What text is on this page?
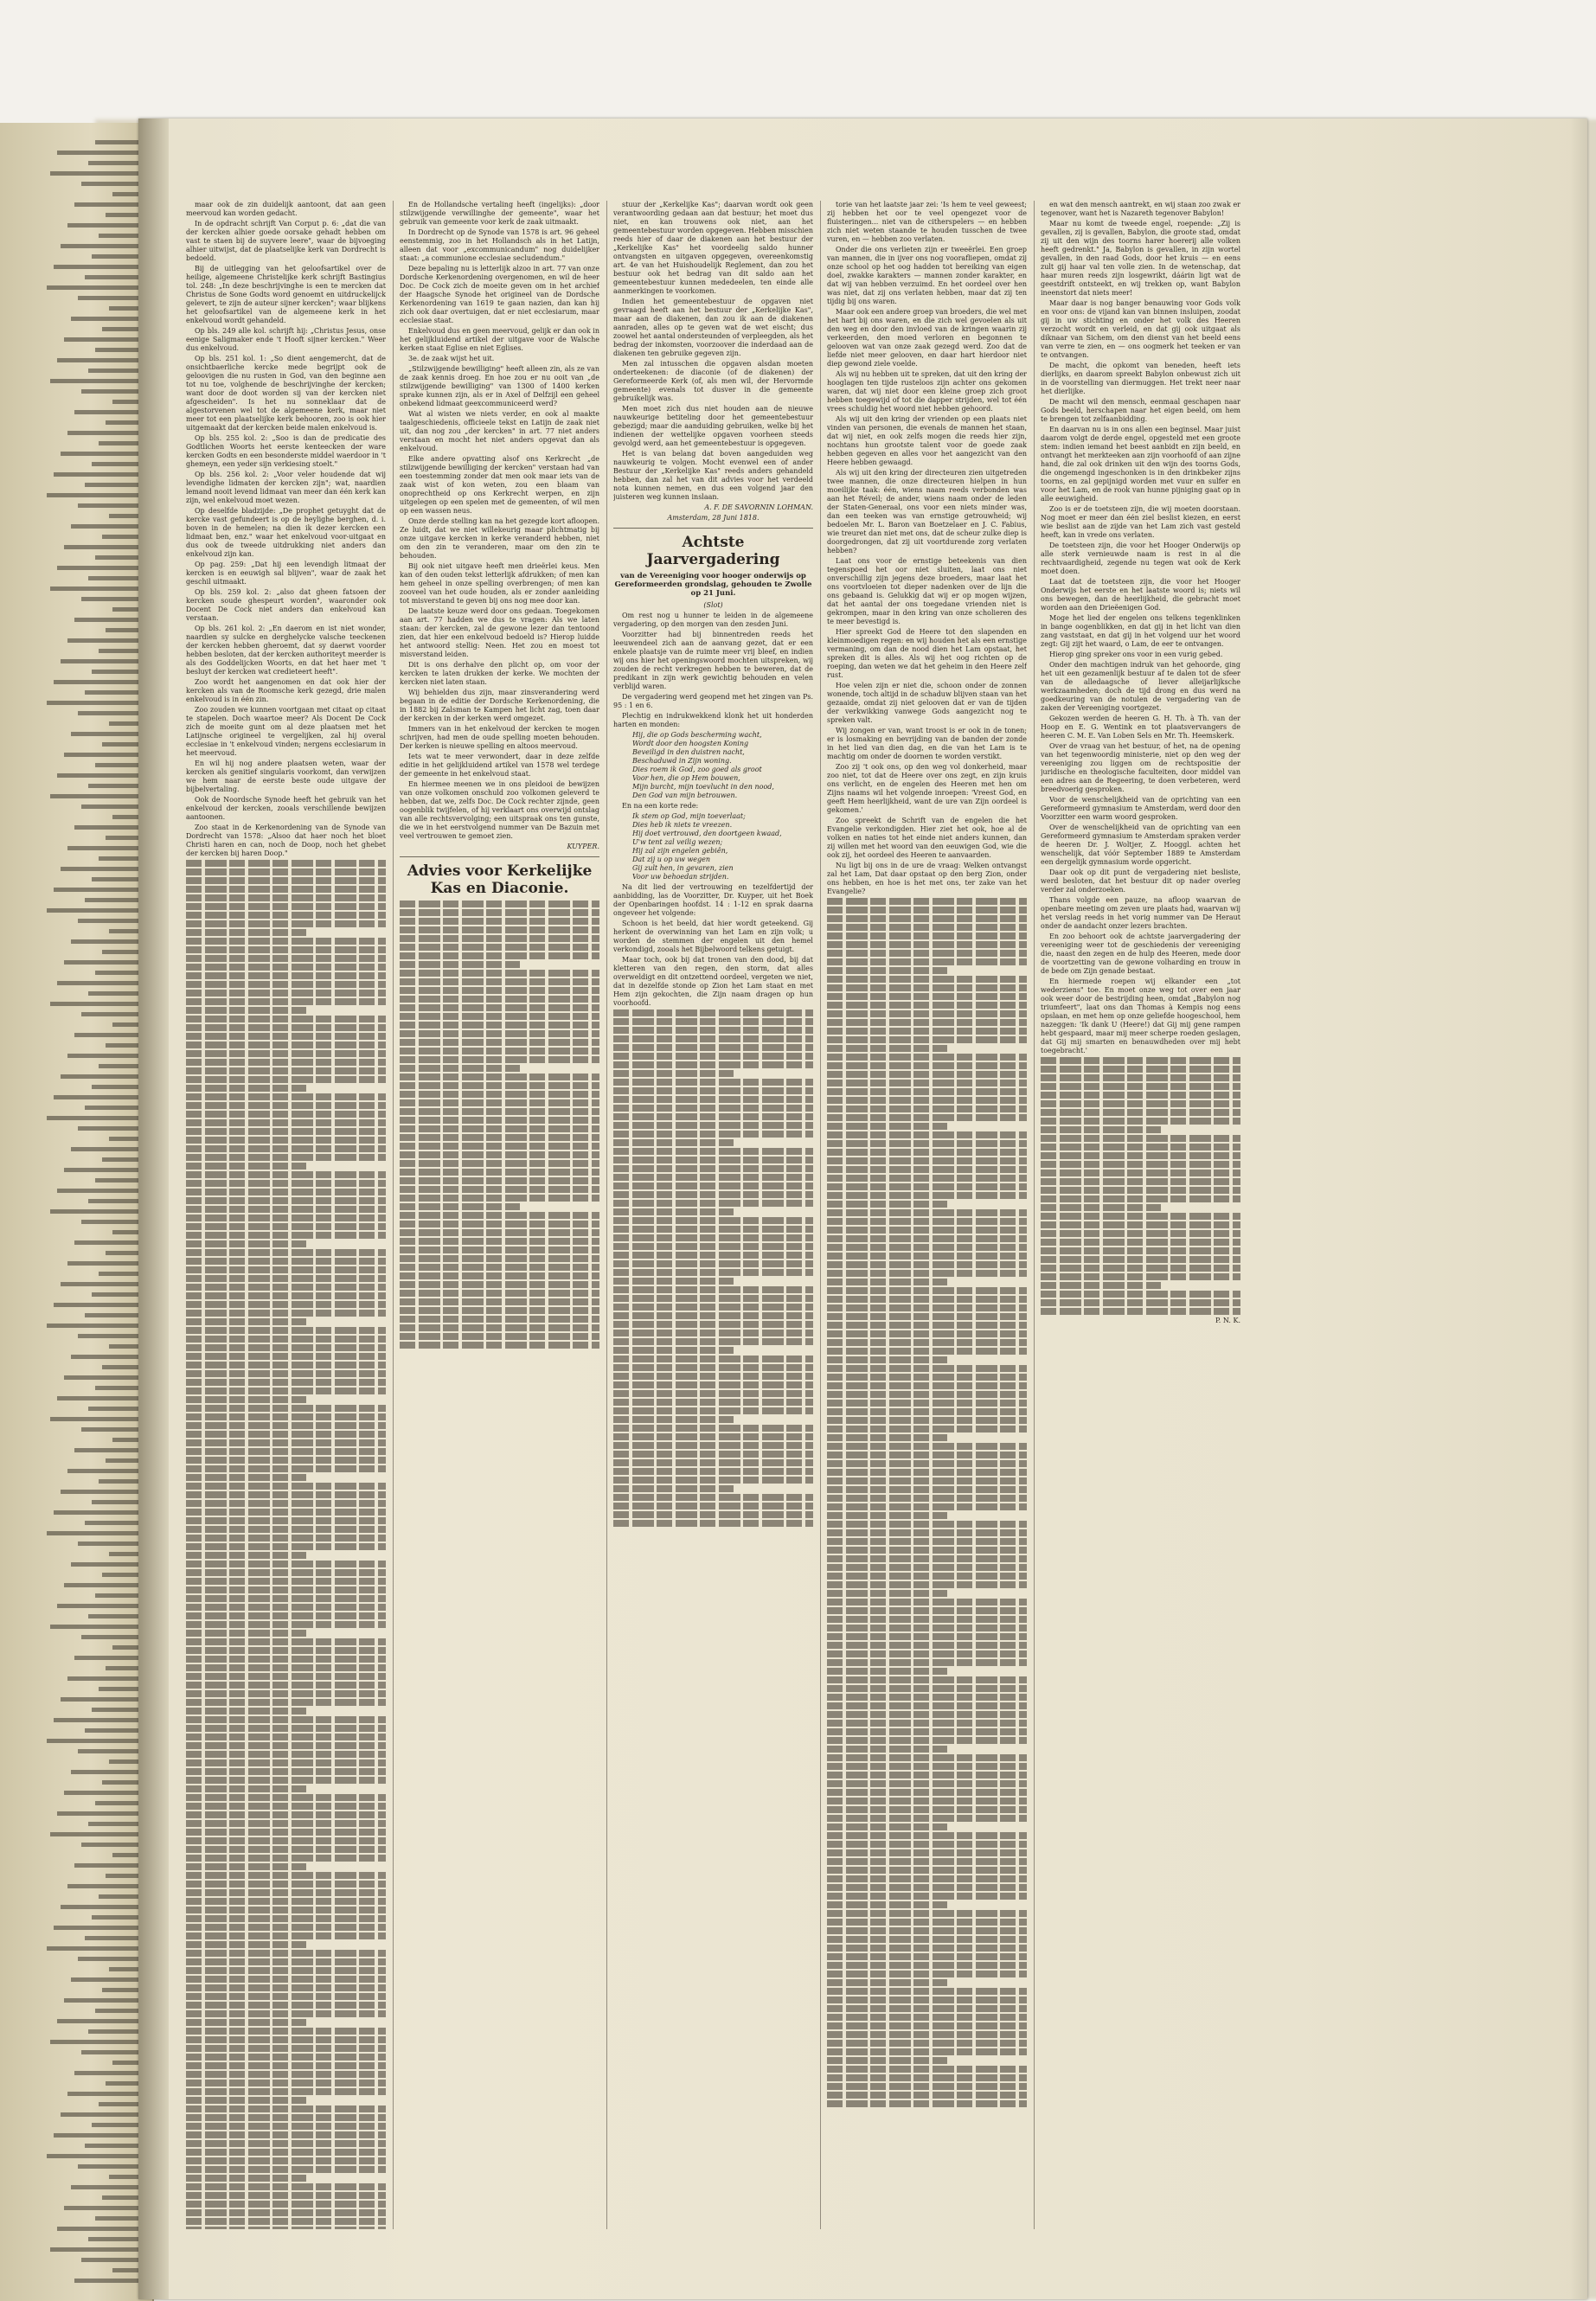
maar ook de zin duidelijk aantoont, dat aan geen meervoud kan worden gedacht.

In de opdracht schrijft Van Corput p. 6: „dat die van der kercken alhier goede oorsake gehadt hebben om vast te staen bij de suyvere leere", waar de bijvoeging alhier uitwijst, dat de plaatselijke kerk van Dordrecht is bedoeld.

Bij de uitlegging van het geloofsartikel over de heilige, algemeene Christelijke kerk schrijft Bastingius tol. 248: „In deze beschrijvinghe is een te mercken dat Christus de Sone Godts word genoemt en uitdruckelijck gelevert, te zijn de auteur sijner kercken"; waar blijkens het geloofsartikel van de algemeene kerk in het enkelvoud wordt gehandeld.

Op bls. 249 alle kol. schrijft hij: „Christus Jesus, onse eenige Saligmaker ende 't Hooft sijner kercken." Weer dus enkelvoud.

Op bls. 251 kol. 1: „So dient aengemercht, dat de onsichtbaerliche kercke mede begrijpt ook de geloovigen die nu rusten in God, van den beginne aen tot nu toe, volghende de beschrijvinghe der kercken; want door de doot worden sij van der kercken niet afgescheiden". Is het nu sonneklaar dat de algestorvenen wel tot de algemeene kerk, maar niet meer tot een plaatselijke kerk behooren, zoo is ook hier uitgemaakt dat der kercken beide malen enkelvoud is.

Op bls. 255 kol. 2: „Soo is dan de predicatie des Godtlichen Woorts het eerste kenteecken der ware kercken Godts en een besonderste middel waerdoor in 't ghemeyn, een yeder sijn verkiesing stoelt."

Op bls. 256 kol. 2: „Voor veler houdende dat wij levendighe lidmaten der kercken zijn"; wat, naardien lemand nooit levend lidmaat van meer dan één kerk kan zijn, wel enkelvoud moet wezen.

Op deselfde bladzijde: „De prophet getuyght dat de kercke vast gefundeert is op de heylighe berghen, d. i. boven in de hemelen; na dien ik dezer kercken een lidmaat ben, enz." waar het enkelvoud voor-uitgaat en dus ook de tweede uitdrukking niet anders dan enkelvoud zijn kan.

Op pag. 259: „Dat hij een levendigh litmaat der kercken is en eeuwigh sal blijven", waar de zaak het geschil uitmaakt.

Op bls. 259 kol. 2: „also dat gheen fatsoen der kercken soude ghespeurt worden", waaronder ook Docent De Cock niet anders dan enkelvoud kan verstaan.

Op bls. 261 kol. 2: „En daerom en ist niet wonder, naardien sy sulcke en derghelycke valsche teeckenen der kercken hebben gheroemt, dat sy daerwt voorder hebben besloten, dat der kercken authoriteyt meerder is als des Goddelijcken Woorts, en dat het haer met 't besluyt der kercken wat credieteert heeft".

Zoo wordt het aangenomen en dat ook hier der kercken als van de Roomsche kerk gezegd, drie malen enkelvoud is in één zin.

Zoo zouden we kunnen voortgaan met citaat op citaat te stapelen. Doch waartoe meer? Als Docent De Cock zich de moeite gunt om al deze plaatsen met het Latijnsche origineel te vergelijken, zal hij overal ecclesiae in 't enkelvoud vinden; nergens ecclesiarum in het meervoud.

En wil hij nog andere plaatsen weten, waar der kercken als genitief singularis voorkomt, dan verwijzen we hem naar de eerste beste oude uitgave der bijbelvertaling.

Ook de Noordsche Synode heeft het gebruik van het enkelvoud der kercken, zooals verschillende bewijzen aantoonen.

Zoo staat in de Kerkenordening van de Synode van Dordrecht van 1578: „Alsoo dat haer noch het bloet Christi haren en can, noch de Doop, noch het ghebet der kercken bij haren Doop."

En de Hollandsche vertaling heeft (ingelijks): „door stilzwijgende verwillinghe der gemeente", waar het gebruik van gemeente voor kerk de zaak uitmaakt.

In Dordrecht op de Synode van 1578 is art. 96 geheel eenstemmig, zoo in het Hollandsch als in het Latijn, alleen dat voor „excommunicandum" nog duidelijker staat: „a communione ecclesiae secludendum."

Deze bepaling nu is letterlijk alzoo in art. 77 van onze Dordsche Kerkenordening overgenomen, en wil de heer Doc. De Cock zich de moeite geven om in het archief der Haagsche Synode het origineel van de Dordsche Kerkenordening van 1619 te gaan nazien, dan kan hij zich ook daar overtuigen, dat er niet ecclesiarum, maar ecclesiae staat.

Enkelvoud dus en geen meervoud, gelijk er dan ook in het gelijkluidend artikel der uitgave voor de Walsche kerken staat Eglise en niet Eglises.

3e. de zaak wijst het uit.

„Stilzwijgende bewilliging" heeft alleen zin, als ze van de zaak kennis droeg. En hoe zou er nu ooit van „de stilzwijgende bewilliging" van 1300 of 1400 kerken sprake kunnen zijn, als er in Axel of Delfzijl een geheel onbekend lidmaat geexcommuniceerd werd?

Wat al wisten we niets verder, en ook al maakte taalgeschiedenis, officieele tekst en Latijn de zaak niet uit, dan nog zou „der kercken" in art. 77 niet anders verstaan en mocht het niet anders opgevat dan als enkelvoud.

Elke andere opvatting alsof ons Kerkrecht „de stilzwijgende bewilliging der kercken" verstaan had van een toestemming zonder dat men ook maar iets van de zaak wist of kon weten, zou een blaam van onoprechtheid op ons Kerkrecht werpen, en zijn uitgelegen op een spelen met de gemeenten, of wil men op een wassen neus.

Onze derde stelling kan na het gezegde kort afloopen. Ze luidt, dat we niet willekeurig maar plichtmatig bij onze uitgave kercken in kerke veranderd hebben, niet om den zin te veranderen, maar om den zin te behouden.

Bij ook niet uitgave heeft men drieërlei keus. Men kan of den ouden tekst letterlijk afdrukken; of men kan hem geheel in onze spelling overbrengen; of men kan zooveel van het oude houden, als er zonder aanleiding tot misverstand te geven bij ons nog mee door kan.

De laatste keuze werd door ons gedaan. Toegekomen aan art. 77 hadden we dus te vragen: Als we laten staan: der kercken, zal de gewone lezer dan tentoond zien, dat hier een enkelvoud bedoeld is? Hierop luidde het antwoord stellig: Neen. Het zou en moest tot misverstand leiden.

Dit is ons derhalve den plicht op, om voor der kercken te laten drukken der kerke. We mochten der kercken niet laten staan.

Wij behielden dus zijn, maar zinsverandering werd begaan in de editie der Dordsche Kerkenordening, die in 1882 bij Zalsman te Kampen het licht zag, toen daar der kercken in der kerken werd omgezet.

Immers van in het enkelvoud der kercken te mogen schrijven, had men de oude spelling moeten behouden. Der kerken is nieuwe spelling en altoos meervoud.

Iets wat te meer verwondert, daar in deze zelfde editie in het gelijkluidend artikel van 1578 wel terdege der gemeente in het enkelvoud staat.

En hiermee meenen we in ons pleidooi de bewijzen van onze volkomen onschuld zoo volkomen geleverd te hebben, dat we, zelfs Doc. De Cock rechter zijnde, geen oogenblik twijfelen, of hij verklaart ons overwijd ontslag van alle rechtsvervolging; een uitspraak ons ten gunste, die we in het eerstvolgend nummer van De Bazuin met veel vertrouwen te gemoet zien.

KUYPER.

Advies voor Kerkelijke Kas en Diaconie.

stuur der „Kerkelijke Kas"; daarvan wordt ook geen verantwoording gedaan aan dat bestuur; het moet dus niet, en kan trouwens ook niet, aan het gemeentebestuur worden opgegeven. Hebben misschien reeds hier of daar de diakenen aan het bestuur der „Kerkelijke Kas" het voordeelig saldo hunner ontvangsten en uitgaven opgegeven, overeenkomstig art. 4e van het Huishoudelijk Reglement, dan zou het bestuur ook het bedrag van dit saldo aan het gemeentebestuur kunnen mededeelen, ten einde alle aanmerkingen te voorkomen.

Indien het gemeentebestuur de opgaven niet gevraagd heeft aan het bestuur der „Kerkelijke Kas", maar aan de diakenen, dan zou ik aan de diakenen aanraden, alles op te geven wat de wet eischt; dus zoowel het aantal ondersteunden of verpleegden, als het bedrag der inkomsten, voorzoover die inderdaad aan de diakenen ten gebruike gegeven zijn.

Men zal intusschen die opgaven alsdan moeten onderteekenen: de diaconie (of de diakenen) der Gereformeerde Kerk (of, als men wil, der Hervormde gemeente) evenals tot dusver in die gemeente gebruikelijk was.

Men moet zich dus niet houden aan de nieuwe nauwkeurige betiteling door het gemeentebestuur gebezigd; maar die aanduiding gebruiken, welke bij het indienen der wettelijke opgaven voorheen steeds gevolgd werd, aan het gemeentebestuur is opgegeven.

Het is van belang dat boven aangeduiden weg nauwkeurig te volgen. Mocht evenwel een of ander Bestuur der „Kerkelijke Kas" reeds anders gehandeld hebben, dan zal het van dit advies voor het verdeeld nota kunnen nemen, en dus een volgend jaar den juisteren weg kunnen inslaan.

A. F. DE SAVORNIN LOHMAN.

Amsterdam, 28 Juni 1818.

Achtste Jaarvergadering
van de Vereeniging voor hooger onderwijs op Gereformeerden grondslag, gehouden te Zwolle op 21 Juni.

(Slot)

Om rest nog u hunner te leiden in de algemeene vergadering, op den morgen van den zesden Juni.

Voorzitter had bij binnentreden reeds het leeuwendeel zich aan de aanvang gezet, dat er een enkele plaatsje van de ruimte meer vrij bleef, en indien wij ons hier het openingswoord mochten uitspreken, wij zouden de recht verkregen hebben te beweren, dat de predikant in zijn werk gewichtig behouden en velen verblijd waren.

De vergadering werd geopend met het zingen van Ps. 95 : 1 en 6.

Plechtig en indrukwekkend klonk het uit honderden harten en monden:

Hij, die op Gods bescherming wacht,
Wordt door den hoogsten Koning
Beveiligd in den duistren nacht,
Beschaduwd in Zijn woning.
Dies roem ik God, zoo goed als groot
Voor hen, die op Hem bouwen,
Mijn burcht, mijn toevlucht in den nood,
Den God van mijn betrouwen.

En na een korte rede:

Ik stem op God, mijn toeverlaat;
Dies heb ik niets te vreezen.
Hij doet vertrouwd, den doortgeen kwaad,
U'w tent zal veilig wezen;
Hij zal zijn engelen gebiên,
Dat zij u op uw wegen
Gij zult hen, in gevaren, zien
Voor uw behoedan strijden.

Na dit lied der vertrouwing en tezelfdertijd der aanbidding, las de Voorzitter, Dr. Kuyper, uit het Boek der Openbaringen hoofdst. 14 : 1-12 en sprak daarna ongeveer het volgende:

Schoon is het beeld, dat hier wordt geteekend. Gij herkent de overwinning van het Lam en zijn volk; u worden de stemmen der engelen uit den hemel verkondigd, zooals het Bijbelwoord telkens getuigt.

Maar toch, ook bij dat tronen van den dood, bij dat kletteren van den regen, den storm, dat alles overweldigt en dit ontzettend oordeel, vergeten we niet, dat in dezelfde stonde op Zion het Lam staat en met Hem zijn gekochten, die Zijn naam dragen op hun voorhoofd.

torie van het laatste jaar zei: 'Is hem te veel geweest; zij hebben het oor te veel opengezet voor de fluisteringen... niet van de citherspelers — en hebben zich niet weten staande te houden tusschen de twee vuren, en — hebben zoo verlaten.

Onder die ons verlieten zijn er tweeërlei. Een groep van mannen, die in ijver ons nog voorafliepen, omdat zij onze school op het oog hadden tot bereiking van eigen doel, zwakke karakters — mannen zonder karakter, en dat wij van hebben verzuimd. En het oordeel over hen was niet, dat zij ons verlaten hebben, maar dat zij ten tijdig bij ons waren.

Maar ook een andere groep van broeders, die wel met het hart bij ons waren, en die zich wel gevoelen als uit den weg en door den invloed van de kringen waarin zij verkeerden, den moed verloren en begonnen te gelooven wat van onze zaak gezegd werd. Zoo dat de liefde niet meer gelooven, en daar hart hierdoor niet diep gewond ziele voelde.

Als wij nu hebben uit te spreken, dat uit den kring der hooglagen ten tijde rusteloos zijn achter ons gekomen waren, dat wij niet door een kleine groep zich groot hebben toegewijd of tot die dapper strijden, wel tot één vrees schuldig het woord niet hebben gehoord.

Als wij uit den kring der vrienden op een plaats niet vinden van personen, die evenals de mannen het staan, dat wij niet, en ook zelfs mogen die reeds hier zijn, nochtans hun grootste talent voor de goede zaak hebben gegeven en alles voor het aangezicht van den Heere hebben gewaagd.

Als wij uit den kring der directeuren zien uitgetreden twee mannen, die onze directeuren hielpen in hun moeilijke taak: één, wiens naam reeds verbonden was aan het Réveil; de ander, wiens naam onder de leden der Staten-Generaal, ons voor een niets minder was, dan een teeken was van ernstige getrouwheid; wij bedoelen Mr. L. Baron van Boetzelaer en J. C. Fabius, wie treuret dan niet met ons, dat de scheur zulke diep is doorgedrongen, dat zij uit voortdurende zorg verlaten hebben?

Laat ons voor de ernstige beteekenis van dien tegenspoed het oor niet sluiten, laat ons niet onverschillig zijn jegens deze broeders, maar laat het ons voortvloeien tot dieper nadenken over de lijn die ons gebaand is. Gelukkig dat wij er op mogen wijzen, dat het aantal der ons toegedane vrienden niet is gekrompen, maar in den kring van onze scholieren des te meer bevestigd is.

Hier spreekt God de Heere tot den slapenden en kleinmoedigen regen: en wij houden het als een ernstige vermaning, om dan de nood dien het Lam opstaat, het spreken dit is alles. Als wij het oog richten op de roeping, dan weten we dat het geheim in den Heere zelf rust.

Hoe velen zijn er niet die, schoon onder de zonnen wonende, toch altijd in de schaduw blijven staan van het gezaaide, omdat zij niet gelooven dat er van de tijden der verkwikking vanwege Gods aangezicht nog te spreken valt.

Wij zongen er van, want troost is er ook in de tonen; er is losmaking en bevrijding van de banden der zonde in het lied van dien dag, en die van het Lam is te machtig om onder de doornen te worden verstikt.

Zoo zij 't ook ons, op den weg vol donkerheid, maar zoo niet, tot dat de Heere over ons zegt, en zijn kruis ons verlicht, en de engelen des Heeren met hen om Zijns naams wil het volgende inroepen: 'Vreest God, en geeft Hem heerlijkheid, want de ure van Zijn oordeel is gekomen.'

Zoo spreekt de Schrift van de engelen die het Evangelie verkondigden. Hier ziet het ook, hoe al de volken en naties tot het einde niet anders kunnen, dan zij willen met het woord van den eeuwigen God, wie die ook zij, het oordeel des Heeren te aanvaarden.

Nu ligt bij ons in de ure de vraag: Welken ontvangst zal het Lam, Dat daar opstaat op den berg Zion, onder ons hebben, en hoe is het met ons, ter zake van het Evangelie?

en wat den mensch aantrekt, en wij staan zoo zwak er tegenover, want het is Nazareth tegenover Babylon!

Maar nu komt de tweede engel, roepende: „Zij is gevallen, zij is gevallen, Babylon, die groote stad, omdat zij uit den wijn des toorns harer hoererij alle volken heeft gedrenkt." Ja, Babylon is gevallen, in zijn wortel gevallen, in den raad Gods, door het kruis — en eens zult gij haar val ten volle zien. In de wetenschap, dat haar muren reeds zijn losgewrikt, dáárin ligt wat de geestdrift ontsteekt, en wij trekken op, want Babylon ineenstort dat niets meer!

Maar daar is nog banger benauwing voor Gods volk en voor ons: de vijand kan van binnen insluipen, zoodat gij in uw stichting en onder het volk des Heeren verzocht wordt en verleid, en dat gij ook uitgaat als diknaar van Sichem, om den dienst van het beeld eens van verre te zien, en — ons oogmerk het teeken er van te ontvangen.

De macht, die opkomt van beneden, heeft iets dierlijks, en daarom spreekt Babylon onbewust zich uit in de voorstelling van diermuggen. Het trekt neer naar het dierlijke.

De macht wil den mensch, eenmaal geschapen naar Gods beeld, herschapen naar het eigen beeld, om hem te brengen tot zelfaanbidding.

En daarvan nu is in ons allen een beginsel. Maar juist daarom volgt de derde engel, opgesteld met een groote stem: indien iemand het beest aanbidt en zijn beeld, en ontvangt het merkteeken aan zijn voorhoofd of aan zijne hand, die zal ook drinken uit den wijn des toorns Gods, die ongemengd ingeschonken is in den drinkbeker zijns toorns, en zal gepijnigd worden met vuur en sulfer en voor het Lam, en de rook van hunne pijniging gaat op in alle eeuwigheid.

Zoo is er de toetsteen zijn, die wij moeten doorstaan. Nog moet er meer dan één ziel beslist kiezen, en eerst wie beslist aan de zijde van het Lam zich vast gesteld heeft, kan in vrede ons verlaten.

De toetsteen zijn, die voor het Hooger Onderwijs op alle sterk vernieuwde naam is rest in al die rechtvaardigheid, zegende nu tegen wat ook de Kerk moet doen.

Laat dat de toetsteen zijn, die voor het Hooger Onderwijs het eerste en het laatste woord is; niets wil ons bewegen, dan de heerlijkheid, die gebracht moet worden aan den Drieëenigen God.

Moge het lied der engelen ons telkens tegenklinken in bange oogenblikken, en dat gij in het licht van dien zang vaststaat, en dat gij in het volgend uur het woord zegt: Gij zijt het waard, o Lam, de eer te ontvangen.

Hierop ging spreker ons voor in een vurig gebed.

Onder den machtigen indruk van het gehoorde, ging het uit een gezamenlijk bestuur af te dalen tot de sfeer van de alledaagsche of liever alleijarlijksche werkzaamheden; doch de tijd drong en dus werd na goedkeuring van de notulen de vergadering van de zaken der Vereeniging voortgezet.

Gekozen werden de heeren G. H. Th. à Th. van der Hoop en E. G. Wentink en tot plaatsvervangers de heeren C. M. E. Van Loben Sels en Mr. Th. Heemskerk.

Over de vraag van het bestuur, of het, na de opening van het tegenwoordig ministerie, niet op den weg der vereeniging zou liggen om de rechtspositie der juridische en theologische faculteiten, door middel van een adres aan de Regeering, te doen verbeteren, werd breedvoerig gesproken.

Voor de wenschelijkheid van de oprichting van een Gereformeerd gymnasium te Amsterdam, werd door den Voorzitter een warm woord gesproken.

Over de wenschelijkheid van de oprichting van een Gereformeerd gymnasium te Amsterdam spraken verder de heeren Dr. J. Woltjer, Z. Hooggl. achten het wenschelijk, dat vóór September 1889 te Amsterdam een dergelijk gymnasium worde opgericht.

Daar ook op dit punt de vergadering niet besliste, werd besloten, dat het bestuur dit op nader overleg verder zal onderzoeken.

Thans volgde een pauze, na afloop waarvan de openbare meeting om zeven ure plaats had, waarvan wij het verslag reeds in het vorig nummer van De Heraut onder de aandacht onzer lezers brachten.

En zoo behoort ook de achtste jaarvergadering der vereeniging weer tot de geschiedenis der vereeniging die, naast den zegen en de hulp des Heeren, mede door de voortzetting van de gewone volharding en trouw in de bede om Zijn genade bestaat.

En hiermede roepen wij elkander een „tot wederziens" toe. En moet onze weg tot over een jaar ook weer door de bestrijding heen, omdat „Babylon nog triumfeert", laat ons dan Thomas à Kempis nog eens opslaan, en met hem op onze geliefde hoogeschool, hem nazeggen: 'Ik dank U (Heere!) dat Gij mij gene rampen hebt gespaard, maar mij meer scherpe roeden geslagen, dat Gij mij smarten en benauwdheden over mij hebt toegebracht.'

P. N. K.
